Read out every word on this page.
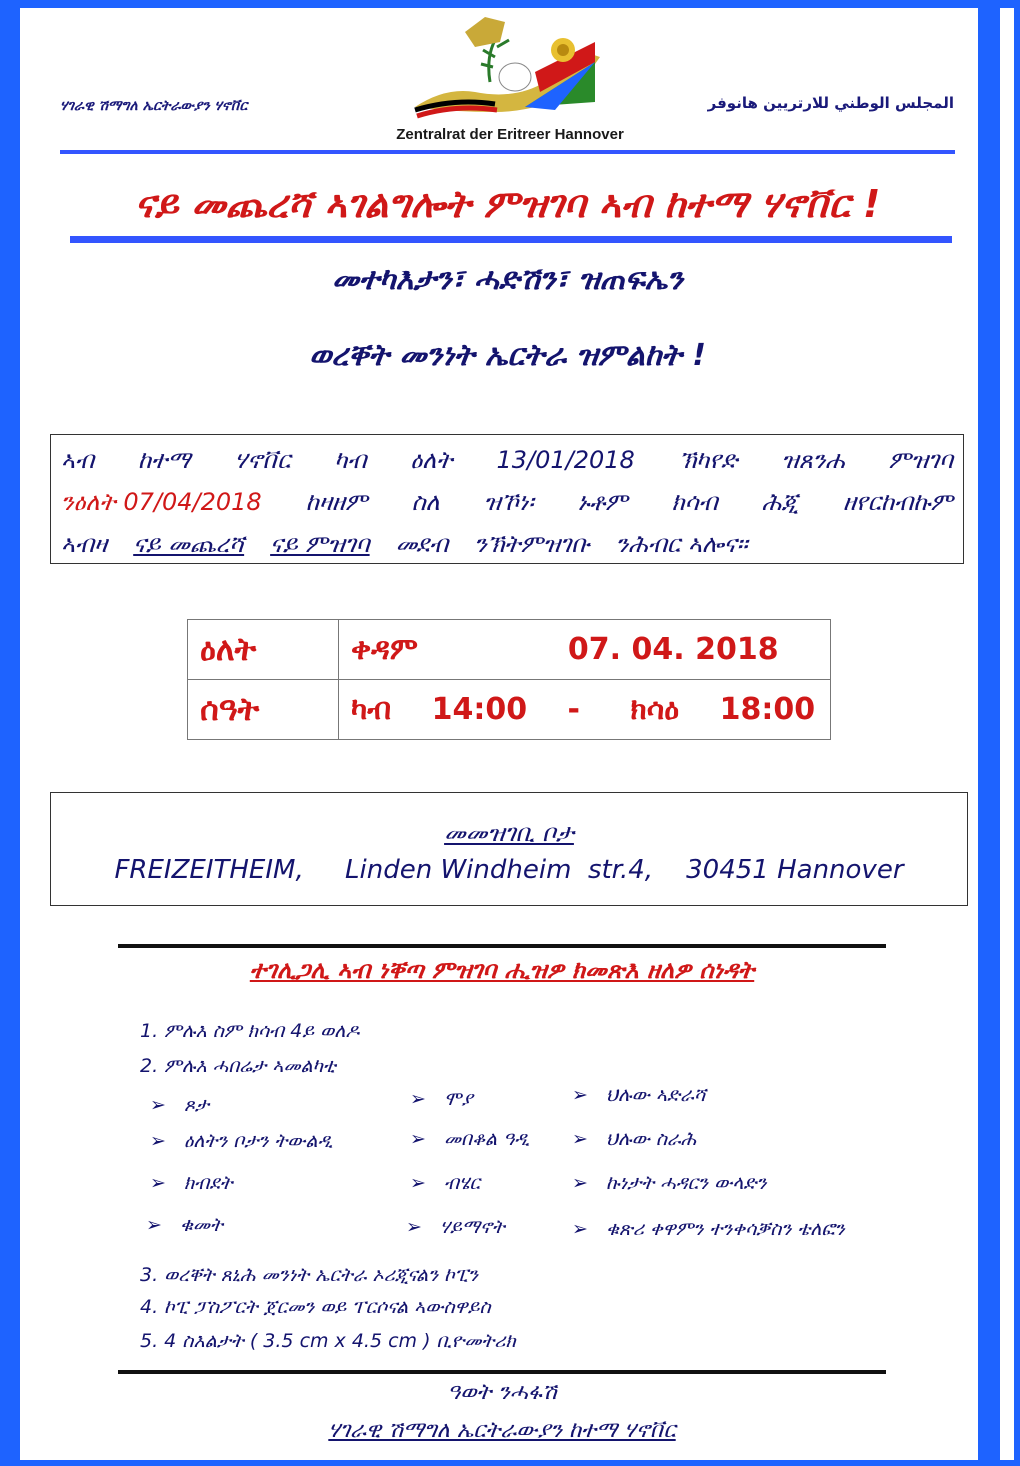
ሃገራዊ ሽማግለ ኤርትራውያን ሃኖቨር	المجلس الوطني للارتريين هانوفر
Zentralrat der Eritreer Hannover
ናይ መጨረሻ ኣገልግሎት ምዝገባ ኣብ ከተማ ሃኖቨር !
መተካእታን፣ ሓድሽን፣ ዝጠፍኤን
ወረቐት መንነት ኤርትራ ዝምልከት !
ኣብ ከተማ ሃኖቨር ካብ ዕለት 13/01/2018 ኽካየድ ዝጸንሐ ምዝገባ
ንዕለት 07/04/2018 ከዛዘም ስለ ዝኾነ፡ ኑቶም ክሳብ ሕጂ ዘየርከብኩም
ኣብዛ ናይ መጨረሻ ናይ ምዝገባ መደብ ንኽትምዝገቡ ንሕብር ኣሎና።
ዕለት	ቀዳም 07. 04. 2018
ሰዓት	ካብ 14:00 - ክሳዕ 18:00
መመዝገቢ ቦታ
FREIZEITHEIM,     Linden Windheim  str.4,    30451 Hannover
ተገሊጋሊ ኣብ ነቐጣ ምዝገባ ሒዝዎ ክመጽእ ዘለዎ ሰነዳት
1. ምሉእ ስም ክሳብ 4ይ ወለዶ
2. ምሉእ ሓበሬታ ኣመልካቲ
➢ ጾታ	➢ ሞያ	➢ ህሉው ኣድራሻ
➢ ዕለትን ቦታን ትውልዲ	➢ መበቆል ዓዲ ➢ ህሉው ስራሕ
➢ ክብደት	➢ ብሄር	➢ ኩነታት ሓዳርን ውላድን
➢ ቁመት	➢ ሃይማኖት	➢ ቁጽሪ ቀዋምን ተንቀሳቓስን ቴለፎን
3. ወረቐት ጸኒሕ መንነት ኤርትራ ኦሪጂናልን ኮፒን
4. ኮፒ ፓስፖርት ጀርመን ወይ ፐርሶናል ኣውስዋይስ
5. 4 ስእልታት ( 3.5 cm x 4.5 cm ) ቢዮመትሪክ
ዓወት ንሓፋሽ
ሃገራዊ ሽማግለ ኤርትራውያን ከተማ ሃኖቨር
